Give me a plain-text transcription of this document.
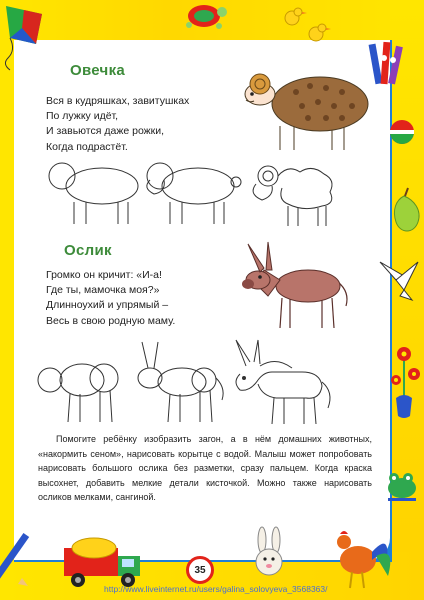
Овечка
Вся в кудряшках, завитушках
По лужку идёт,
И завьются даже рожки,
Когда подрастёт.
Ослик
Громко он кричит: «И-а!
Где ты, мамочка моя?»
Длинноухий и упрямый –
Весь в свою родную маму.
Помогите ребёнку изобразить загон, а в нём домашних животных, «накормить сеном», нарисовать корытце с водой. Малыш может попробовать нарисовать большого ослика без разметки, сразу пальцем. Когда краска высохнет, добавить мелкие детали кисточкой. Можно также нарисовать осликов мелками, сангиной.
35
http://www.liveinternet.ru/users/galina_solovyeva_3568363/
